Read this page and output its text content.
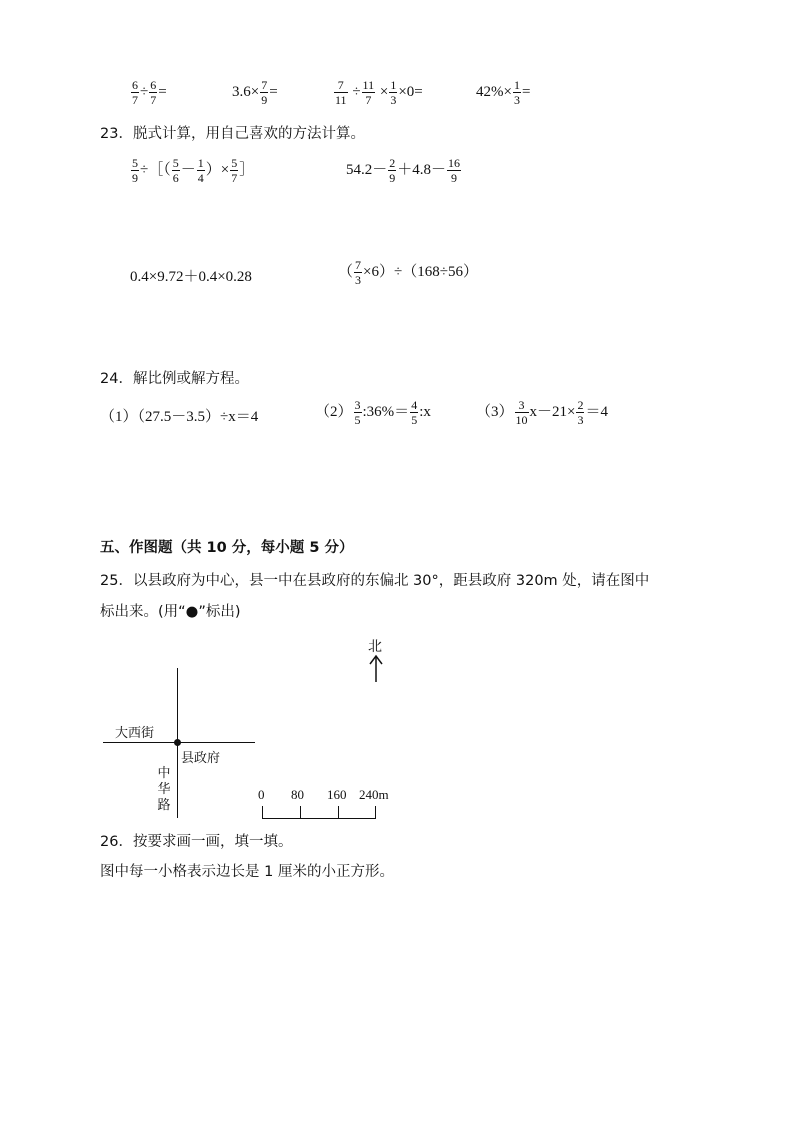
$\frac{6}{7} \div \frac{6}{7}$ =	$3.6\times \frac{7}{9}$ =	$\frac{7}{11} \div \frac{11}{7} \times \frac{1}{3} \times 0=$	$42\%\times \frac{1}{3}$ =
23．脱式计算，用自己喜欢的方法计算。
$\frac{5}{9}$ ÷［（ $\frac{5}{6} - \frac{1}{4}$ ）× $\frac{5}{7}$ ］	$54.2- \frac{2}{9} +4.8- \frac{16}{9}$
0.4×9.72＋0.4×0.28	（ $\frac{7}{3} \times 6)\div(168\div 56)$
24．解比例或解方程。
（1）（27.5－3.5）÷x＝4	$(2) \frac{3}{5}$ :36%＝ $\frac{4}{5}$ :x	$(3) \frac{3}{10} x-21\times \frac{2}{3} =4$
五、作图题（共 10 分，每小题 5 分）
25．以县政府为中心，县一中在县政府的东偏北 30°，距县政府 320m 处，请在图中
标出来。(用“●”标出)
北
大西街
县政府
中
华
路
0 80 160 240m
26．按要求画一画，填一填。
图中每一小格表示边长是 1 厘米的小正方形。
